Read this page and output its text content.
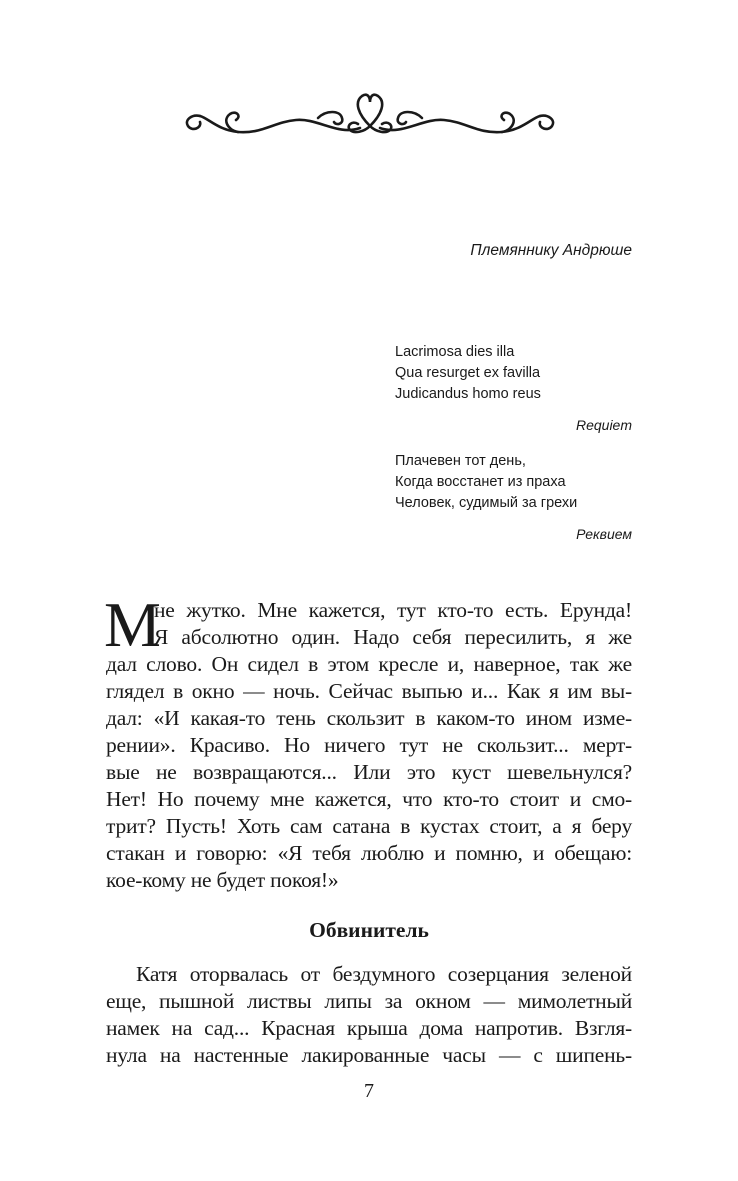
Племяннику Андрюше
Lacrimosa dies illa
Qua resurget ex favilla
Judicandus homo reus
Requiem
Плачевен тот день,
Когда восстанет из праха
Человек, судимый за грехи
Реквием
М
не жутко. Мне кажется, тут кто-то есть. Ерунда!
Я абсолютно один. Надо себя пересилить, я же
дал слово. Он сидел в этом кресле и, наверное, так же
глядел в окно — ночь. Сейчас выпью и... Как я им вы-
дал: «И какая-то тень скользит в каком-то ином изме-
рении». Красиво. Но ничего тут не скользит... мерт-
вые не возвращаются... Или это куст шевельнулся?
Нет! Но почему мне кажется, что кто-то стоит и смо-
трит? Пусть! Хоть сам сатана в кустах стоит, а я беру
стакан и говорю: «Я тебя люблю и помню, и обещаю:
кое-кому не будет покоя!»
Обвинитель
Катя оторвалась от бездумного созерцания зеленой
еще, пышной листвы липы за окном — мимолетный
намек на сад... Красная крыша дома напротив. Взгля-
нула на настенные лакированные часы — с шипень-
7
